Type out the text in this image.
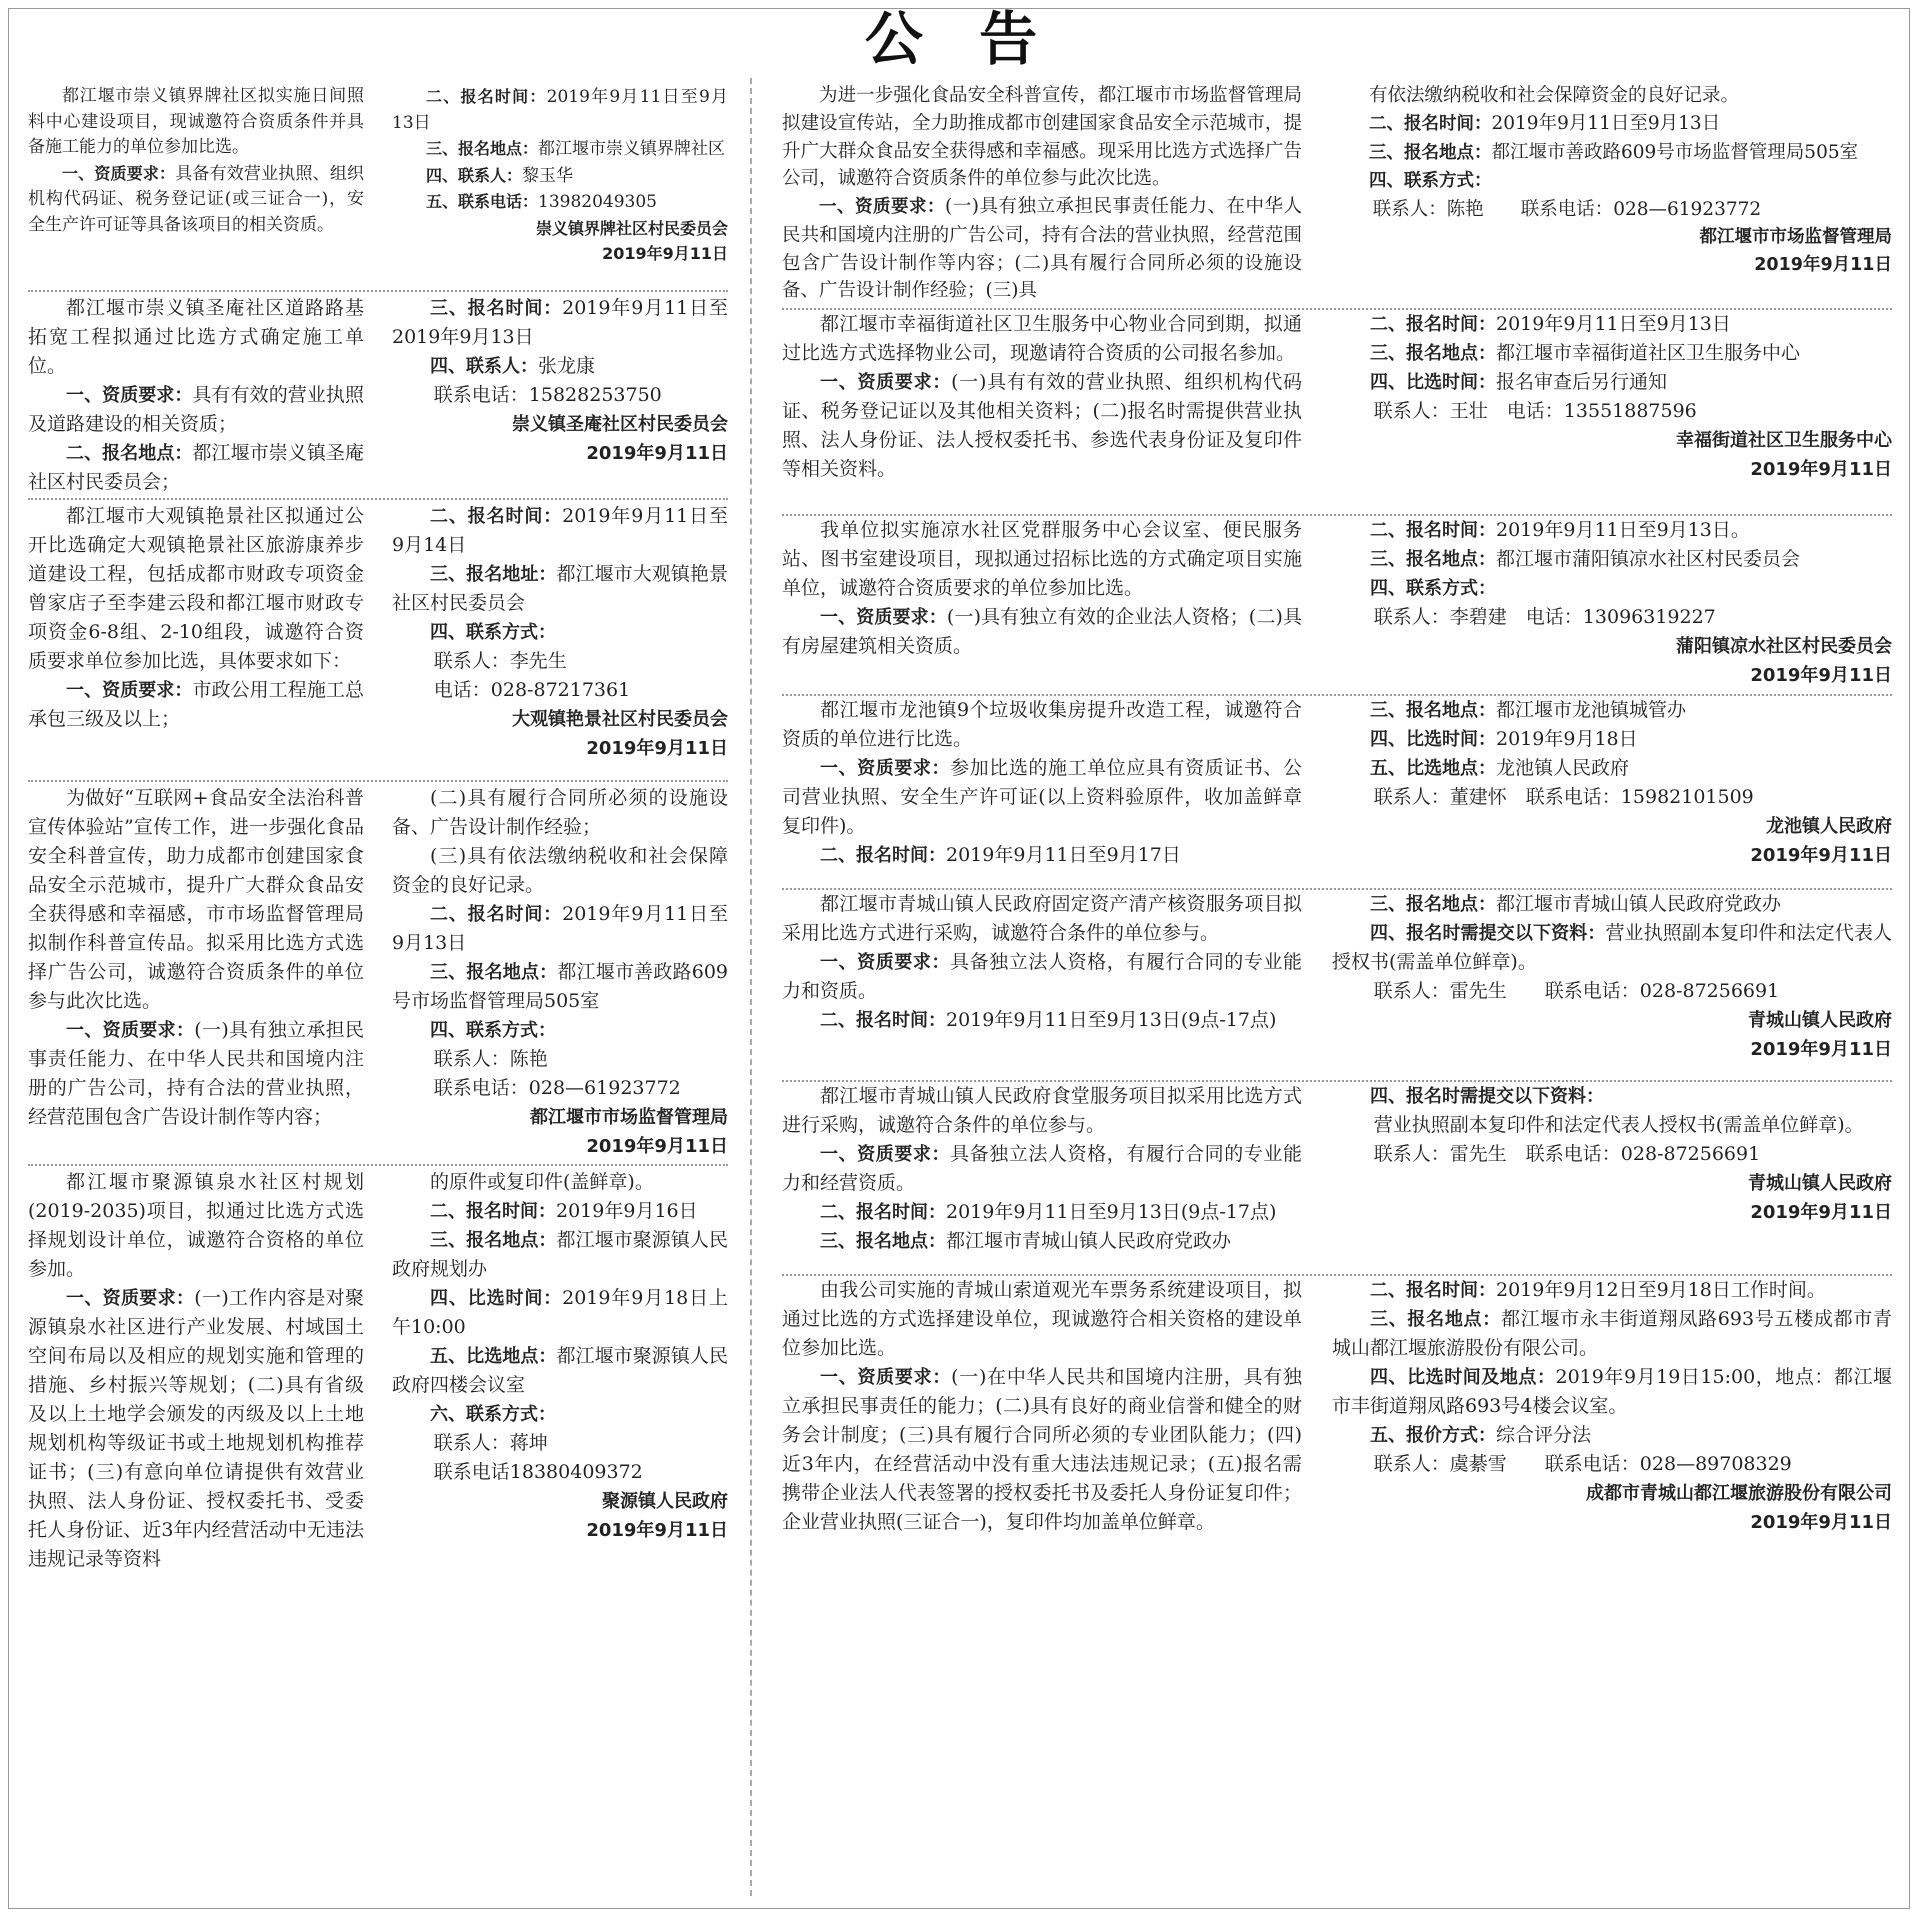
公 告

都江堰市崇义镇界牌社区拟实施日间照料中心建设项目，现诚邀符合资质条件并具备施工能力的单位参加比选。

一、资质要求：具备有效营业执照、组织机构代码证、税务登记证(或三证合一)，安全生产许可证等具备该项目的相关资质。

二、报名时间：2019年9月11日至9月13日

三、报名地点：都江堰市崇义镇界牌社区

四、联系人：黎玉华

五、联系电话：13982049305

崇义镇界牌社区村民委员会

2019年9月11日

都江堰市崇义镇圣庵社区道路路基拓宽工程拟通过比选方式确定施工单位。

一、资质要求：具有有效的营业执照及道路建设的相关资质；

二、报名地点：都江堰市崇义镇圣庵社区村民委员会；

三、报名时间：2019年9月11日至2019年9月13日

四、联系人：张龙康

联系电话：15828253750

崇义镇圣庵社区村民委员会

2019年9月11日

都江堰市大观镇艳景社区拟通过公开比选确定大观镇艳景社区旅游康养步道建设工程，包括成都市财政专项资金曾家店子至李建云段和都江堰市财政专项资金6-8组、2-10组段，诚邀符合资质要求单位参加比选，具体要求如下：

一、资质要求：市政公用工程施工总承包三级及以上；

二、报名时间：2019年9月11日至9月14日

三、报名地址：都江堰市大观镇艳景社区村民委员会

四、联系方式：

联系人：李先生

电话：028-87217361

大观镇艳景社区村民委员会

2019年9月11日

为做好“互联网+食品安全法治科普宣传体验站”宣传工作，进一步强化食品安全科普宣传，助力成都市创建国家食品安全示范城市，提升广大群众食品安全获得感和幸福感，市市场监督管理局拟制作科普宣传品。拟采用比选方式选择广告公司，诚邀符合资质条件的单位参与此次比选。

一、资质要求：(一)具有独立承担民事责任能力、在中华人民共和国境内注册的广告公司，持有合法的营业执照，经营范围包含广告设计制作等内容；

(二)具有履行合同所必须的设施设备、广告设计制作经验；

(三)具有依法缴纳税收和社会保障资金的良好记录。

二、报名时间：2019年9月11日至9月13日

三、报名地点：都江堰市善政路609号市场监督管理局505室

四、联系方式：

联系人：陈艳

联系电话：028—61923772

都江堰市市场监督管理局

2019年9月11日

都江堰市聚源镇泉水社区村规划(2019-2035)项目，拟通过比选方式选择规划设计单位，诚邀符合资格的单位参加。

一、资质要求：(一)工作内容是对聚源镇泉水社区进行产业发展、村域国土空间布局以及相应的规划实施和管理的措施、乡村振兴等规划；(二)具有省级及以上土地学会颁发的丙级及以上土地规划机构等级证书或土地规划机构推荐证书；(三)有意向单位请提供有效营业执照、法人身份证、授权委托书、受委托人身份证、近3年内经营活动中无违法违规记录等资料

的原件或复印件(盖鲜章)。

二、报名时间：2019年9月16日

三、报名地点：都江堰市聚源镇人民政府规划办

四、比选时间：2019年9月18日上午10:00

五、比选地点：都江堰市聚源镇人民政府四楼会议室

六、联系方式：

联系人：蒋坤

联系电话18380409372

聚源镇人民政府

2019年9月11日

为进一步强化食品安全科普宣传，都江堰市市场监督管理局拟建设宣传站，全力助推成都市创建国家食品安全示范城市，提升广大群众食品安全获得感和幸福感。现采用比选方式选择广告公司，诚邀符合资质条件的单位参与此次比选。

一、资质要求：(一)具有独立承担民事责任能力、在中华人民共和国境内注册的广告公司，持有合法的营业执照，经营范围包含广告设计制作等内容；(二)具有履行合同所必须的设施设备、广告设计制作经验；(三)具

有依法缴纳税收和社会保障资金的良好记录。

二、报名时间：2019年9月11日至9月13日

三、报名地点：都江堰市善政路609号市场监督管理局505室

四、联系方式：

联系人：陈艳　　联系电话：028—61923772

都江堰市市场监督管理局

2019年9月11日

都江堰市幸福街道社区卫生服务中心物业合同到期，拟通过比选方式选择物业公司，现邀请符合资质的公司报名参加。

一、资质要求：(一)具有有效的营业执照、组织机构代码证、税务登记证以及其他相关资料；(二)报名时需提供营业执照、法人身份证、法人授权委托书、参选代表身份证及复印件等相关资料。

二、报名时间：2019年9月11日至9月13日

三、报名地点：都江堰市幸福街道社区卫生服务中心

四、比选时间：报名审查后另行通知

联系人：王壮　电话：13551887596

幸福街道社区卫生服务中心

2019年9月11日

我单位拟实施凉水社区党群服务中心会议室、便民服务站、图书室建设项目，现拟通过招标比选的方式确定项目实施单位，诚邀符合资质要求的单位参加比选。

一、资质要求：(一)具有独立有效的企业法人资格；(二)具有房屋建筑相关资质。

二、报名时间：2019年9月11日至9月13日。

三、报名地点：都江堰市蒲阳镇凉水社区村民委员会

四、联系方式：

联系人：李碧建　电话：13096319227

蒲阳镇凉水社区村民委员会

2019年9月11日

都江堰市龙池镇9个垃圾收集房提升改造工程，诚邀符合资质的单位进行比选。

一、资质要求：参加比选的施工单位应具有资质证书、公司营业执照、安全生产许可证(以上资料验原件，收加盖鲜章复印件)。

二、报名时间：2019年9月11日至9月17日

三、报名地点：都江堰市龙池镇城管办

四、比选时间：2019年9月18日

五、比选地点：龙池镇人民政府

联系人：董建怀　联系电话：15982101509

龙池镇人民政府

2019年9月11日

都江堰市青城山镇人民政府固定资产清产核资服务项目拟采用比选方式进行采购，诚邀符合条件的单位参与。

一、资质要求：具备独立法人资格，有履行合同的专业能力和资质。

二、报名时间：2019年9月11日至9月13日(9点-17点)

三、报名地点：都江堰市青城山镇人民政府党政办

四、报名时需提交以下资料：营业执照副本复印件和法定代表人授权书(需盖单位鲜章)。

联系人：雷先生　　联系电话：028-87256691

青城山镇人民政府

2019年9月11日

都江堰市青城山镇人民政府食堂服务项目拟采用比选方式进行采购，诚邀符合条件的单位参与。

一、资质要求：具备独立法人资格，有履行合同的专业能力和经营资质。

二、报名时间：2019年9月11日至9月13日(9点-17点)

三、报名地点：都江堰市青城山镇人民政府党政办

四、报名时需提交以下资料：

营业执照副本复印件和法定代表人授权书(需盖单位鲜章)。

联系人：雷先生　联系电话：028-87256691

青城山镇人民政府

2019年9月11日

由我公司实施的青城山索道观光车票务系统建设项目，拟通过比选的方式选择建设单位，现诚邀符合相关资格的建设单位参加比选。

一、资质要求：(一)在中华人民共和国境内注册，具有独立承担民事责任的能力；(二)具有良好的商业信誉和健全的财务会计制度；(三)具有履行合同所必须的专业团队能力；(四)近3年内，在经营活动中没有重大违法违规记录；(五)报名需携带企业法人代表签署的授权委托书及委托人身份证复印件；企业营业执照(三证合一)，复印件均加盖单位鲜章。

二、报名时间：2019年9月12日至9月18日工作时间。

三、报名地点：都江堰市永丰街道翔凤路693号五楼成都市青城山都江堰旅游股份有限公司。

四、比选时间及地点：2019年9月19日15:00，地点：都江堰市丰街道翔凤路693号4楼会议室。

五、报价方式：综合评分法

联系人：虞綦雪　　联系电话：028—89708329

成都市青城山都江堰旅游股份有限公司

2019年9月11日
